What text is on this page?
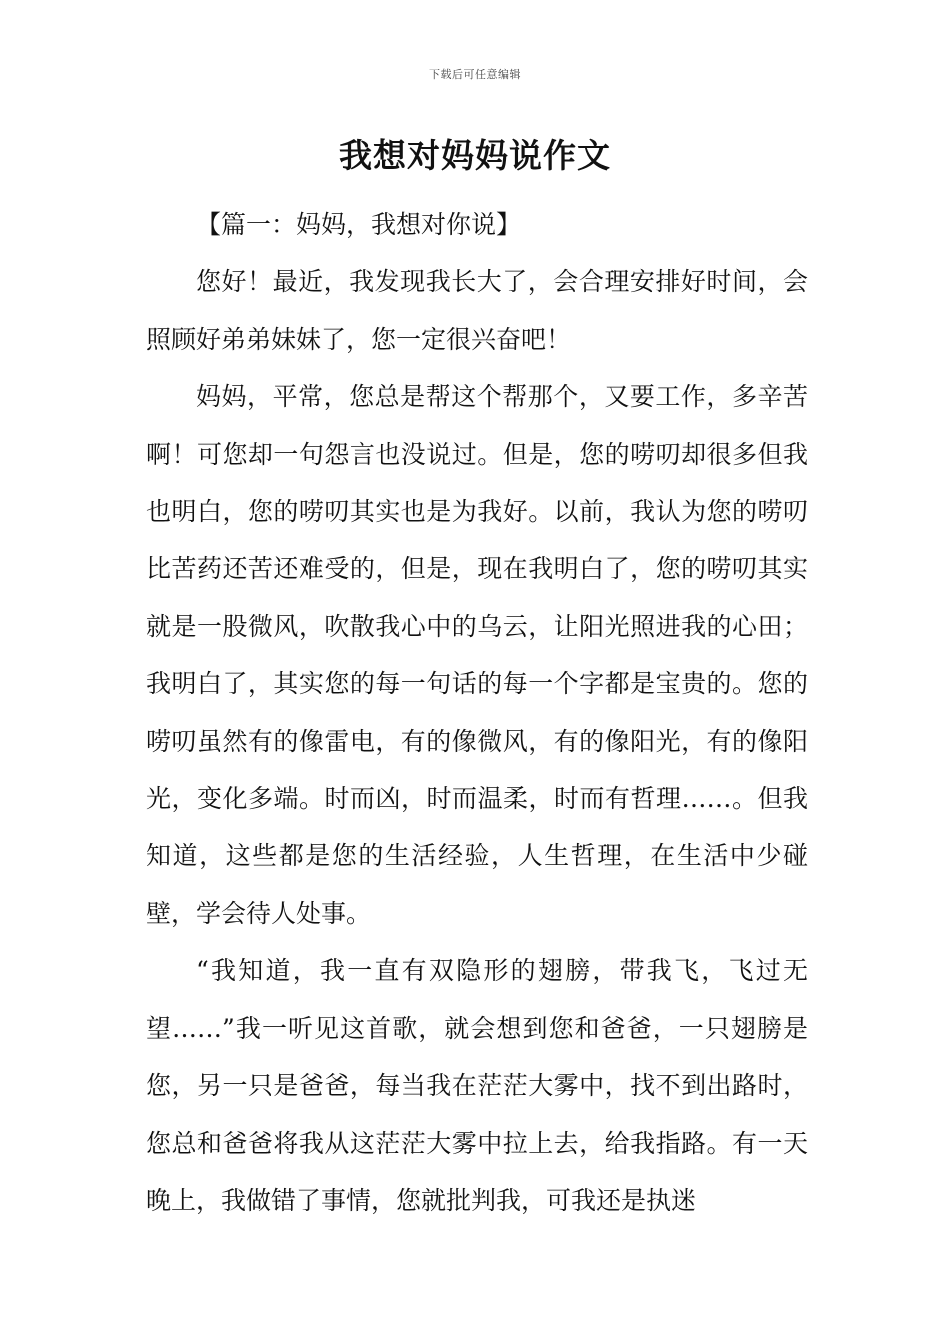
下载后可任意编辑
我想对妈妈说作文

【篇一：妈妈，我想对你说】

您好！最近，我发现我长大了，会合理安排好时间，会照顾好弟弟妹妹了，您一定很兴奋吧！

妈妈，平常，您总是帮这个帮那个，又要工作，多辛苦啊！可您却一句怨言也没说过。但是，您的唠叨却很多但我也明白，您的唠叨其实也是为我好。以前，我认为您的唠叨比苦药还苦还难受的，但是，现在我明白了，您的唠叨其实就是一股微风，吹散我心中的乌云，让阳光照进我的心田；我明白了，其实您的每一句话的每一个字都是宝贵的。您的唠叨虽然有的像雷电，有的像微风，有的像阳光，有的像阳光，变化多端。时而凶，时而温柔，时而有哲理……。但我知道，这些都是您的生活经验，人生哲理，在生活中少碰壁，学会待人处事。

“我知道，我一直有双隐形的翅膀，带我飞，飞过无望……”我一听见这首歌，就会想到您和爸爸，一只翅膀是您，另一只是爸爸，每当我在茫茫大雾中，找不到出路时，您总和爸爸将我从这茫茫大雾中拉上去，给我指路。有一天晚上，我做错了事情，您就批判我，可我还是执迷
